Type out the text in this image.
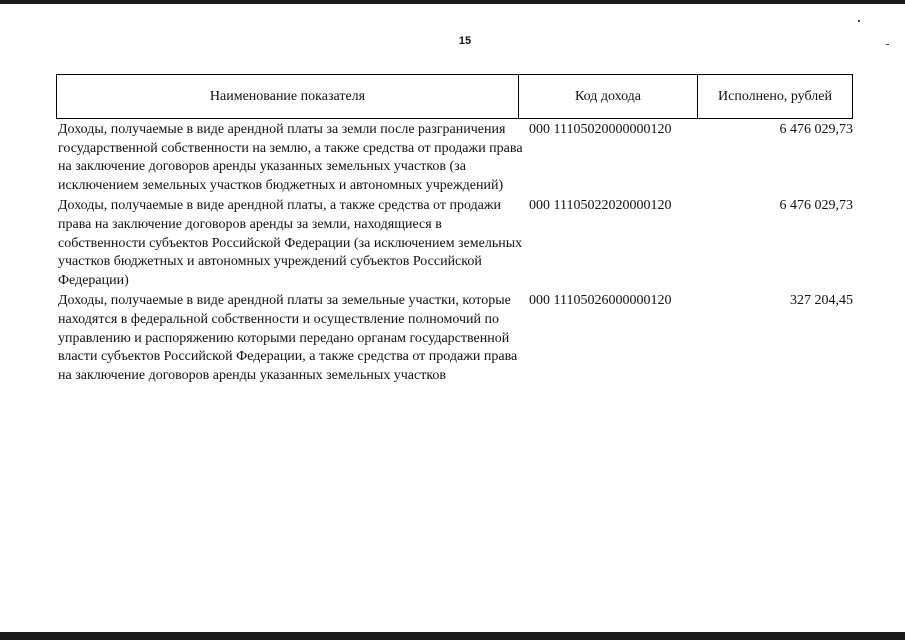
15
Наименование показателя	Код дохода	Исполнено, рублей
Доходы, получаемые в виде арендной платы за земли после разграничения государственной собственности на землю, а также средства от продажи права на заключение договоров аренды указанных земельных участков (за исключением земельных участков бюджетных и автономных учреждений)
000 11105020000000120	6 476 029,73
Доходы, получаемые в виде арендной платы, а также средства от продажи права на заключение договоров аренды за земли, находящиеся в собственности субъектов Российской Федерации (за исключением земельных участков бюджетных и автономных учреждений субъектов Российской Федерации)
000 11105022020000120	6 476 029,73
Доходы, получаемые в виде арендной платы за земельные участки, которые находятся в федеральной собственности и осуществление полномочий по управлению и распоряжению которыми передано органам государственной власти субъектов Российской Федерации, а также средства от продажи права на заключение договоров аренды указанных земельных участков
000 11105026000000120	327 204,45
